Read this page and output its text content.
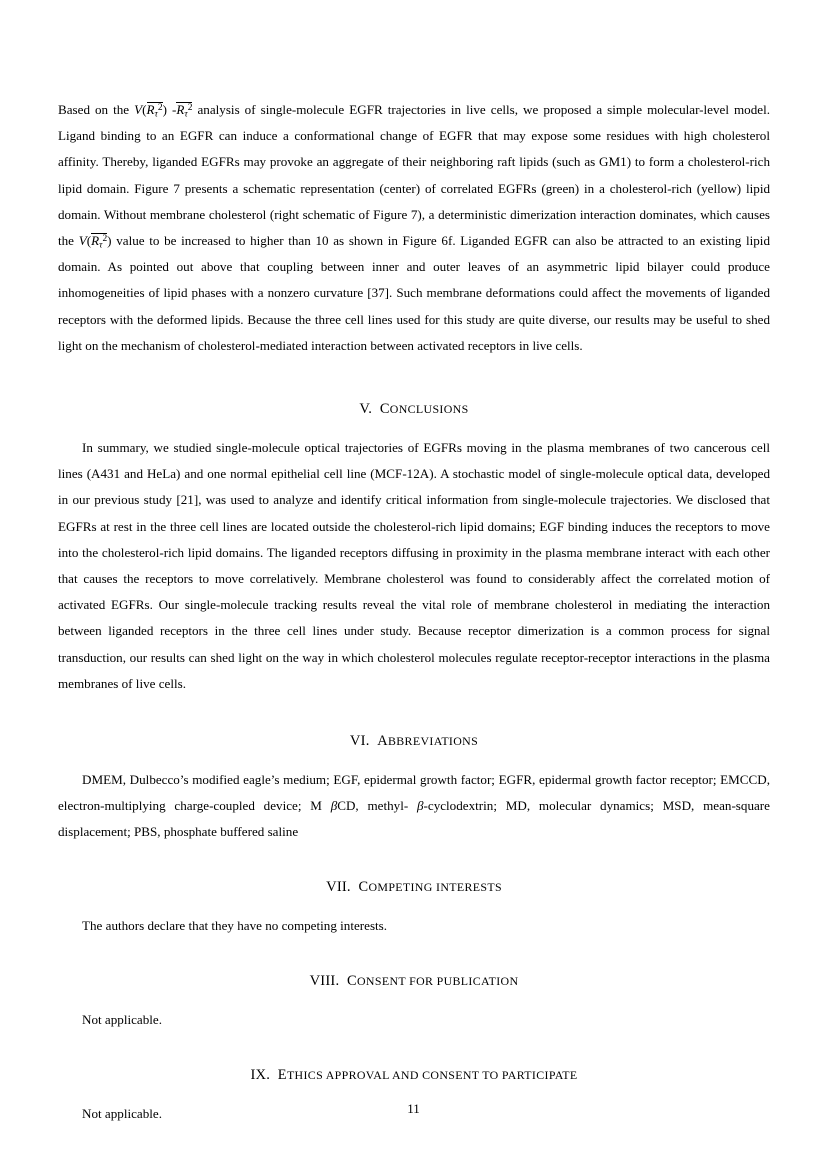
Based on the $V(R_\tau^2)$ $-R_\tau^2$ analysis of single-molecule EGFR trajectories in live cells, we proposed a simple molecular-level model. Ligand binding to an EGFR can induce a conformational change of EGFR that may expose some residues with high cholesterol affinity. Thereby, liganded EGFRs may provoke an aggregate of their neighboring raft lipids (such as GM1) to form a cholesterol-rich lipid domain. Figure 7 presents a schematic representation (center) of correlated EGFRs (green) in a cholesterol-rich (yellow) lipid domain. Without membrane cholesterol (right schematic of Figure 7), a deterministic dimerization interaction dominates, which causes the $V(R_\tau^2)$ value to be increased to higher than 10 as shown in Figure 6f. Liganded EGFR can also be attracted to an existing lipid domain. As pointed out above that coupling between inner and outer leaves of an asymmetric lipid bilayer could produce inhomogeneities of lipid phases with a nonzero curvature [37]. Such membrane deformations could affect the movements of liganded receptors with the deformed lipids. Because the three cell lines used for this study are quite diverse, our results may be useful to shed light on the mechanism of cholesterol-mediated interaction between activated receptors in live cells.

V. CONCLUSIONS

In summary, we studied single-molecule optical trajectories of EGFRs moving in the plasma membranes of two cancerous cell lines (A431 and HeLa) and one normal epithelial cell line (MCF-12A). A stochastic model of single-molecule optical data, developed in our previous study [21], was used to analyze and identify critical information from single-molecule trajectories. We disclosed that EGFRs at rest in the three cell lines are located outside the cholesterol-rich lipid domains; EGF binding induces the receptors to move into the cholesterol-rich lipid domains. The liganded receptors diffusing in proximity in the plasma membrane interact with each other that causes the receptors to move correlatively. Membrane cholesterol was found to considerably affect the correlated motion of activated EGFRs. Our single-molecule tracking results reveal the vital role of membrane cholesterol in mediating the interaction between liganded receptors in the three cell lines under study. Because receptor dimerization is a common process for signal transduction, our results can shed light on the way in which cholesterol molecules regulate receptor-receptor interactions in the plasma membranes of live cells.

VI. ABBREVIATIONS

DMEM, Dulbecco’s modified eagle’s medium; EGF, epidermal growth factor; EGFR, epidermal growth factor receptor; EMCCD, electron-multiplying charge-coupled device; M βCD, methyl- β-cyclodextrin; MD, molecular dynamics; MSD, mean-square displacement; PBS, phosphate buffered saline

VII. COMPETING INTERESTS

The authors declare that they have no competing interests.

VIII. CONSENT FOR PUBLICATION

Not applicable.

IX. ETHICS APPROVAL AND CONSENT TO PARTICIPATE

Not applicable.	11
